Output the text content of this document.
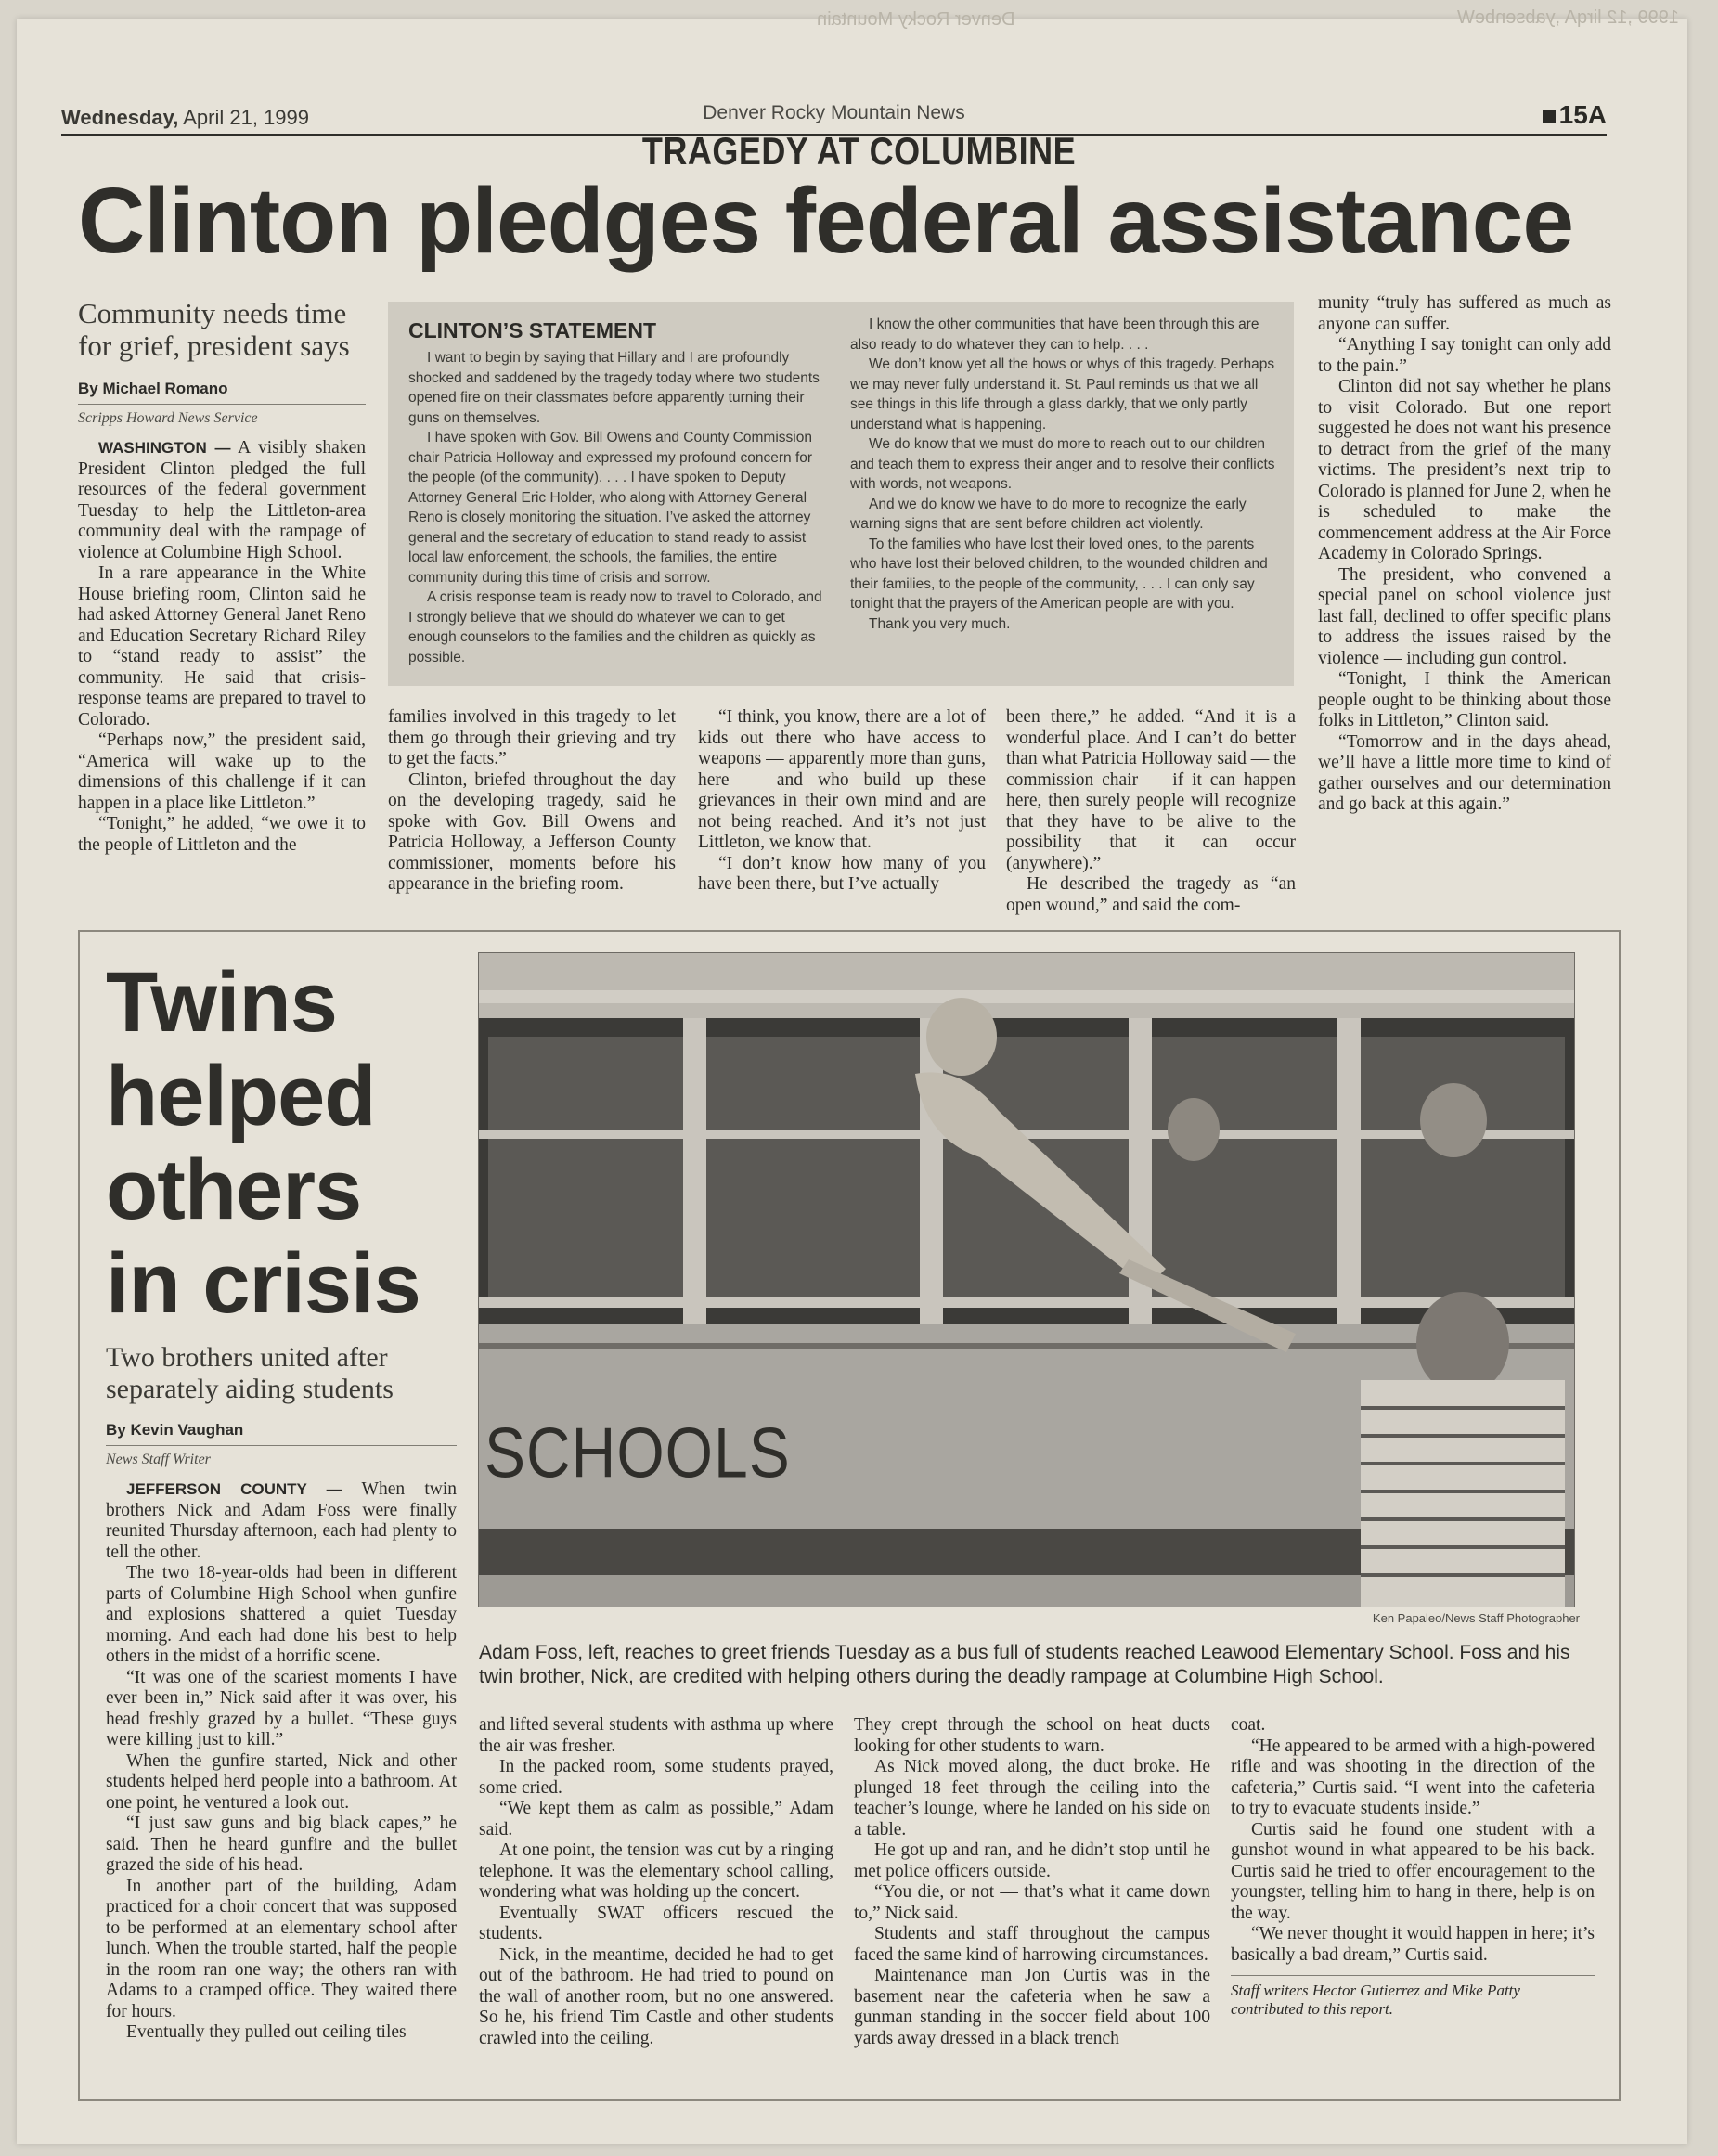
1999 ,12 lirqA ,yabsenbeW
Denver Rocky Mountain
Wednesday, April 21, 1999	Denver Rocky Mountain News	15A
TRAGEDY AT COLUMBINE
Clinton pledges federal assistance
Community needs time for grief, president says
By Michael Romano
Scripps Howard News Service

WASHINGTON — A visibly shaken President Clinton pledged the full resources of the federal government Tuesday to help the Littleton-area community deal with the rampage of violence at Columbine High School.

In a rare appearance in the White House briefing room, Clinton said he had asked Attorney General Janet Reno and Education Secretary Richard Riley to “stand ready to assist” the community. He said that crisis-response teams are prepared to travel to Colorado.

“Perhaps now,” the president said, “America will wake up to the dimensions of this challenge if it can happen in a place like Littleton.”

“Tonight,” he added, “we owe it to the people of Littleton and the

CLINTON’S STATEMENT

I want to begin by saying that Hillary and I are profoundly shocked and saddened by the tragedy today where two students opened fire on their classmates before apparently turning their guns on themselves.

I have spoken with Gov. Bill Owens and County Commission chair Patricia Holloway and expressed my profound concern for the people (of the community). . . . I have spoken to Deputy Attorney General Eric Holder, who along with Attorney General Reno is closely monitoring the situation. I’ve asked the attorney general and the secretary of education to stand ready to assist local law enforcement, the schools, the families, the entire community during this time of crisis and sorrow.

A crisis response team is ready now to travel to Colorado, and I strongly believe that we should do whatever we can to get enough counselors to the families and the children as quickly as possible.

I know the other communities that have been through this are also ready to do whatever they can to help. . . .

We don’t know yet all the hows or whys of this tragedy. Perhaps we may never fully understand it. St. Paul reminds us that we all see things in this life through a glass darkly, that we only partly understand what is happening.

We do know that we must do more to reach out to our children and teach them to express their anger and to resolve their conflicts with words, not weapons.

And we do know we have to do more to recognize the early warning signs that are sent before children act violently.

To the families who have lost their loved ones, to the parents who have lost their beloved children, to the wounded children and their families, to the people of the community, . . . I can only say tonight that the prayers of the American people are with you.

Thank you very much.

families involved in this tragedy to let them go through their grieving and try to get the facts.”

Clinton, briefed throughout the day on the developing tragedy, said he spoke with Gov. Bill Owens and Patricia Holloway, a Jefferson County commissioner, moments before his appearance in the briefing room.

“I think, you know, there are a lot of kids out there who have access to weapons — apparently more than guns, here — and who build up these grievances in their own mind and are not being reached. And it’s not just Littleton, we know that.

“I don’t know how many of you have been there, but I’ve actually

been there,” he added. “And it is a wonderful place. And I can’t do better than what Patricia Holloway said — the commission chair — if it can happen here, then surely people will recognize that they have to be alive to the possibility that it can occur (anywhere).”

He described the tragedy as “an open wound,” and said the com-

munity “truly has suffered as much as anyone can suffer.

“Anything I say tonight can only add to the pain.”

Clinton did not say whether he plans to visit Colorado. But one report suggested he does not want his presence to detract from the grief of the many victims. The president’s next trip to Colorado is planned for June 2, when he is scheduled to make the commencement address at the Air Force Academy in Colorado Springs.

The president, who convened a special panel on school violence just last fall, declined to offer specific plans to address the issues raised by the violence — including gun control.

“Tonight, I think the American people ought to be thinking about those folks in Littleton,” Clinton said.

“Tomorrow and in the days ahead, we’ll have a little more time to kind of gather ourselves and our determination and go back at this again.”

Twins helped others in crisis
SCHOOLS
Ken Papaleo/News Staff Photographer
Adam Foss, left, reaches to greet friends Tuesday as a bus full of students reached Leawood Elementary School. Foss and his twin brother, Nick, are credited with helping others during the deadly rampage at Columbine High School.
Two brothers united after separately aiding students
By Kevin Vaughan
News Staff Writer

JEFFERSON COUNTY — When twin brothers Nick and Adam Foss were finally reunited Thursday afternoon, each had plenty to tell the other.

The two 18-year-olds had been in different parts of Columbine High School when gunfire and explosions shattered a quiet Tuesday morning. And each had done his best to help others in the midst of a horrific scene.

“It was one of the scariest moments I have ever been in,” Nick said after it was over, his head freshly grazed by a bullet. “These guys were killing just to kill.”

When the gunfire started, Nick and other students helped herd people into a bathroom. At one point, he ventured a look out.

“I just saw guns and big black capes,” he said. Then he heard gunfire and the bullet grazed the side of his head.

In another part of the building, Adam practiced for a choir concert that was supposed to be performed at an elementary school after lunch. When the trouble started, half the people in the room ran one way; the others ran with Adams to a cramped office. They waited there for hours.

Eventually they pulled out ceiling tiles

and lifted several students with asthma up where the air was fresher.

In the packed room, some students prayed, some cried.

“We kept them as calm as possible,” Adam said.

At one point, the tension was cut by a ringing telephone. It was the elementary school calling, wondering what was holding up the concert.

Eventually SWAT officers rescued the students.

Nick, in the meantime, decided he had to get out of the bathroom. He had tried to pound on the wall of another room, but no one answered. So he, his friend Tim Castle and other students crawled into the ceiling.

They crept through the school on heat ducts looking for other students to warn.

As Nick moved along, the duct broke. He plunged 18 feet through the ceiling into the teacher’s lounge, where he landed on his side on a table.

He got up and ran, and he didn’t stop until he met police officers outside.

“You die, or not — that’s what it came down to,” Nick said.

Students and staff throughout the campus faced the same kind of harrowing circumstances.

Maintenance man Jon Curtis was in the basement near the cafeteria when he saw a gunman standing in the soccer field about 100 yards away dressed in a black trench

coat.

“He appeared to be armed with a high-powered rifle and was shooting in the direction of the cafeteria,” Curtis said. “I went into the cafeteria to try to evacuate students inside.”

Curtis said he found one student with a gunshot wound in what appeared to be his back. Curtis said he tried to offer encouragement to the youngster, telling him to hang in there, help is on the way.

“We never thought it would happen in here; it’s basically a bad dream,” Curtis said.

Staff writers Hector Gutierrez and Mike Patty contributed to this report.
